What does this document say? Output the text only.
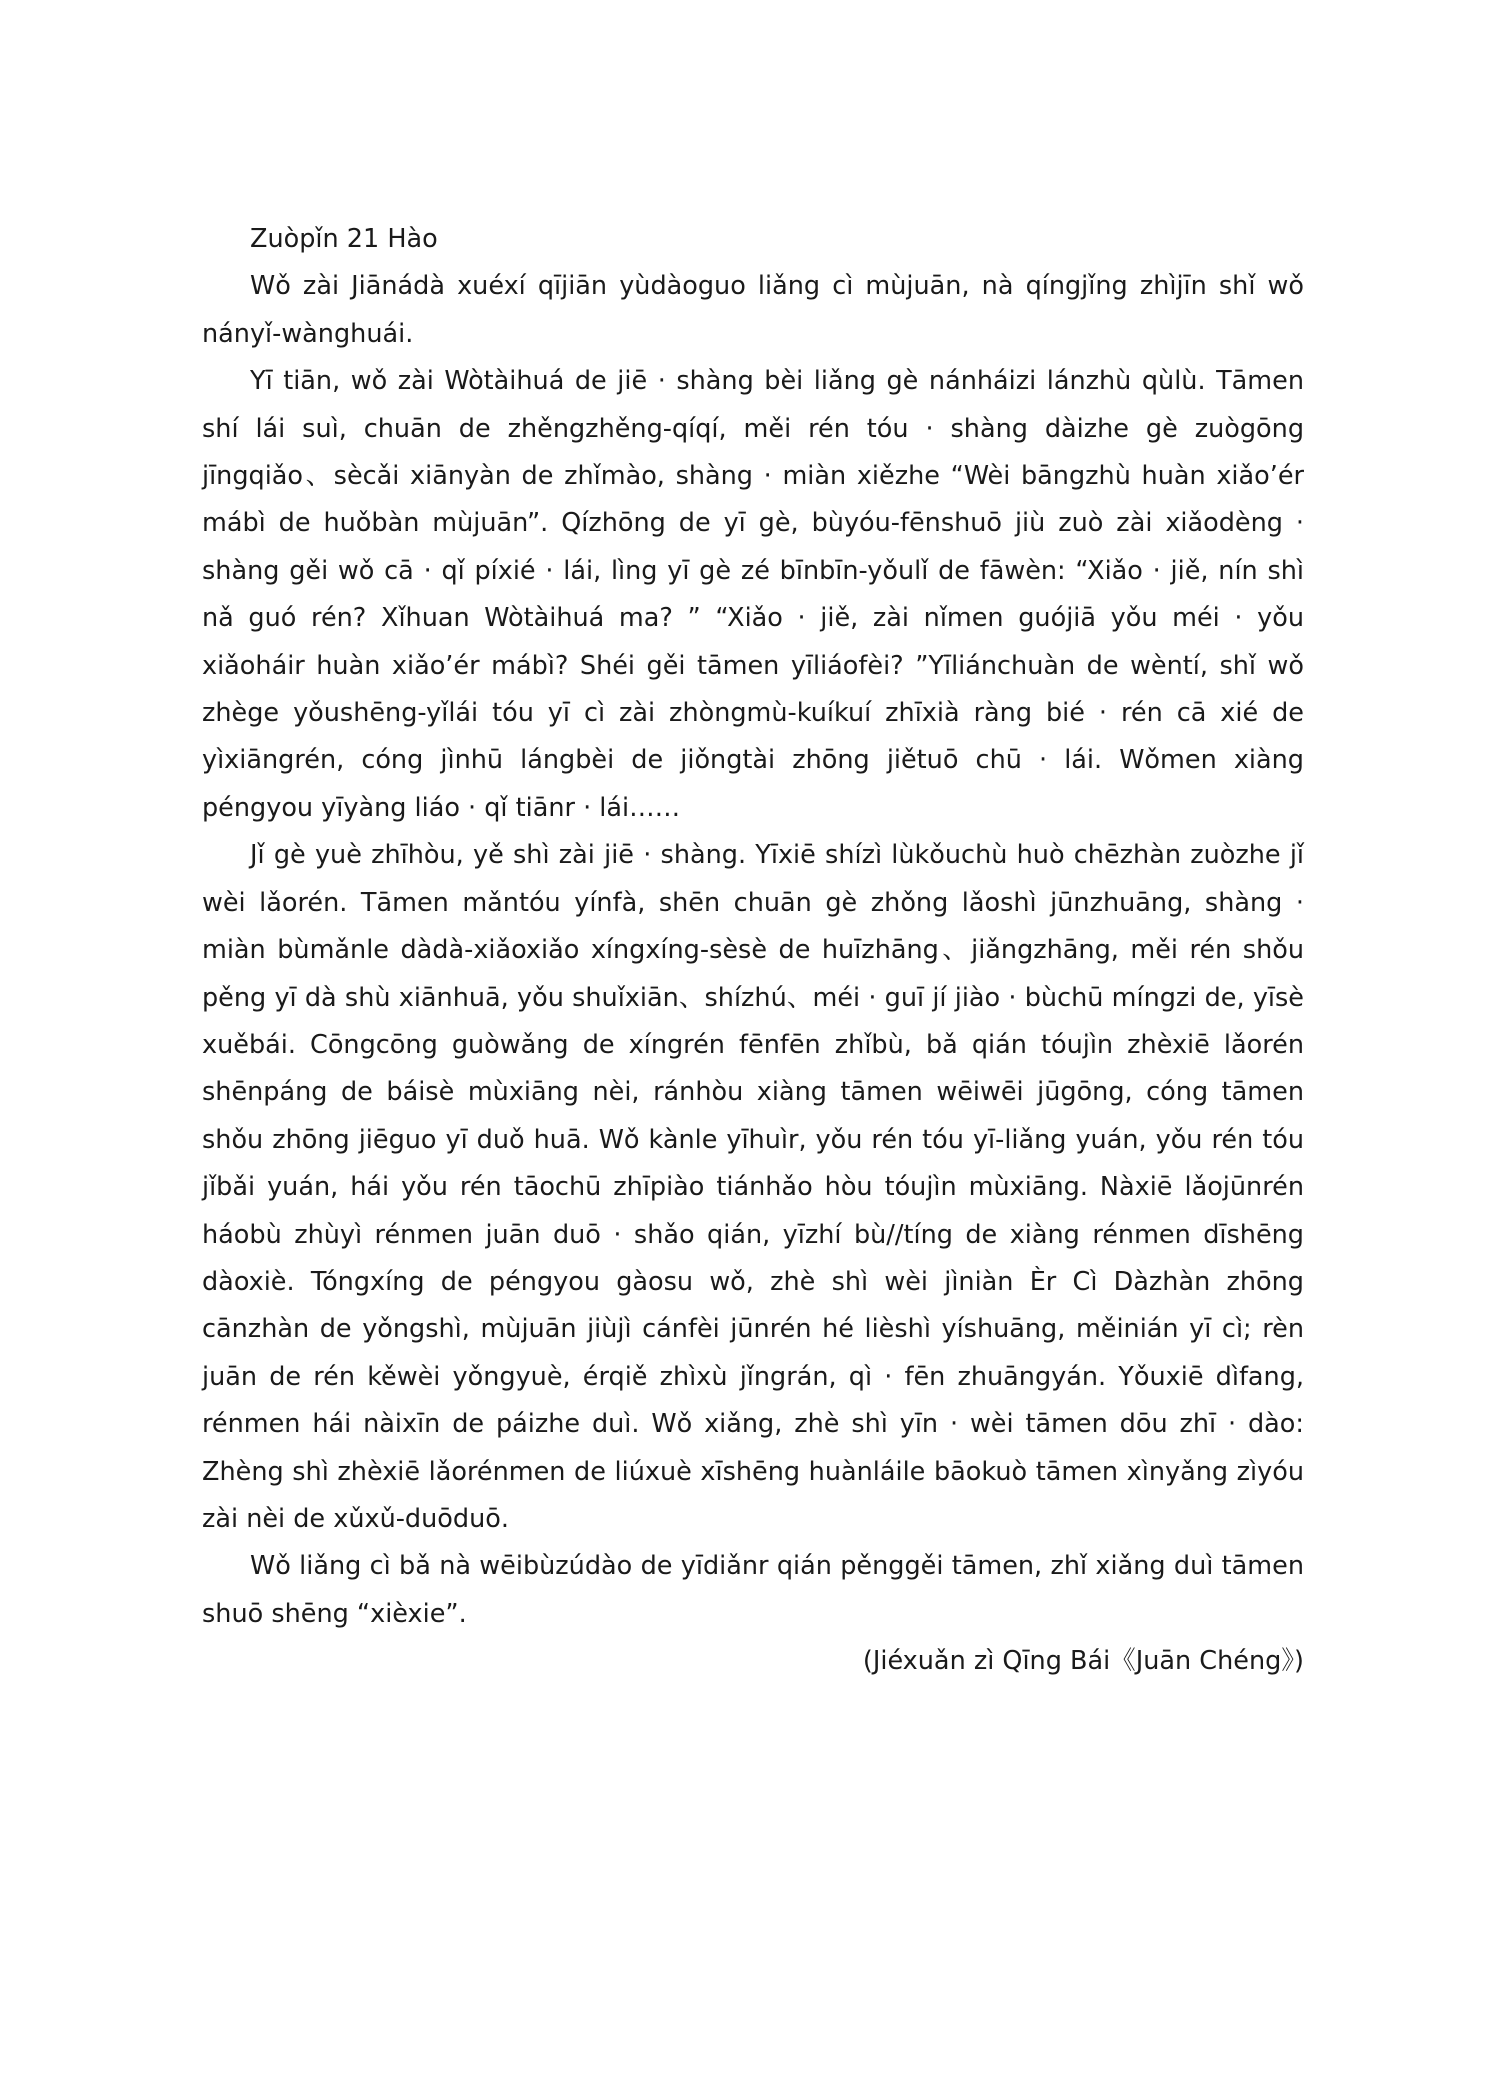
Zuòpǐn 21 Hào

Wǒ zài Jiānádà xuéxí qījiān yùdàoguo liǎng cì mùjuān, nà qíngjǐng zhìjīn shǐ wǒ nányǐ-wànghuái.

Yī tiān, wǒ zài Wòtàihuá de jiē · shàng bèi liǎng gè nánháizi lánzhù qùlù. Tāmen shí lái suì, chuān de zhěngzhěng-qíqí, měi rén tóu · shàng dàizhe gè zuògōng jīngqiǎo、sècǎi xiānyàn de zhǐmào, shàng · miàn xiězhe “Wèi bāngzhù huàn xiǎo’ér mábì de huǒbàn mùjuān”. Qízhōng de yī gè, bùyóu-fēnshuō jiù zuò zài xiǎodèng · shàng gěi wǒ cā · qǐ píxié · lái, lìng yī gè zé bīnbīn-yǒulǐ de fāwèn: “Xiǎo · jiě, nín shì nǎ guó rén? Xǐhuan Wòtàihuá ma? ” “Xiǎo · jiě, zài nǐmen guójiā yǒu méi · yǒu xiǎoháir huàn xiǎo’ér mábì? Shéi gěi tāmen yīliáofèi? ”Yīliánchuàn de wèntí, shǐ wǒ zhège yǒushēng-yǐlái tóu yī cì zài zhòngmù-kuíkuí zhīxià ràng bié · rén cā xié de yìxiāngrén, cóng jìnhū lángbèi de jiǒngtài zhōng jiětuō chū · lái. Wǒmen xiàng péngyou yīyàng liáo · qǐ tiānr · lái……

Jǐ gè yuè zhīhòu, yě shì zài jiē · shàng. Yīxiē shízì lùkǒuchù huò chēzhàn zuòzhe jǐ wèi lǎorén. Tāmen mǎntóu yínfà, shēn chuān gè zhǒng lǎoshì jūnzhuāng, shàng · miàn bùmǎnle dàdà-xiǎoxiǎo xíngxíng-sèsè de huīzhāng、jiǎngzhāng, měi rén shǒu pěng yī dà shù xiānhuā, yǒu shuǐxiān、shízhú、méi · guī jí jiào · bùchū míngzi de, yīsè xuěbái. Cōngcōng guòwǎng de xíngrén fēnfēn zhǐbù, bǎ qián tóujìn zhèxiē lǎorén shēnpáng de báisè mùxiāng nèi, ránhòu xiàng tāmen wēiwēi jūgōng, cóng tāmen shǒu zhōng jiēguo yī duǒ huā. Wǒ kànle yīhuìr, yǒu rén tóu yī-liǎng yuán, yǒu rén tóu jǐbǎi yuán, hái yǒu rén tāochū zhīpiào tiánhǎo hòu tóujìn mùxiāng. Nàxiē lǎojūnrén háobù zhùyì rénmen juān duō · shǎo qián, yīzhí bù//tíng de xiàng rénmen dīshēng dàoxiè. Tóngxíng de péngyou gàosu wǒ, zhè shì wèi jìniàn Èr Cì Dàzhàn zhōng cānzhàn de yǒngshì, mùjuān jiùjì cánfèi jūnrén hé lièshì yíshuāng, měinián yī cì; rèn juān de rén kěwèi yǒngyuè, érqiě zhìxù jǐngrán, qì · fēn zhuāngyán. Yǒuxiē dìfang, rénmen hái nàixīn de páizhe duì. Wǒ xiǎng, zhè shì yīn · wèi tāmen dōu zhī · dào: Zhèng shì zhèxiē lǎorénmen de liúxuè xīshēng huànláile bāokuò tāmen xìnyǎng zìyóu zài nèi de xǔxǔ-duōduō.

Wǒ liǎng cì bǎ nà wēibùzúdào de yīdiǎnr qián pěnggěi tāmen, zhǐ xiǎng duì tāmen shuō shēng “xièxie”.

(Jiéxuǎn zì Qīng Bái《Juān Chéng》)
